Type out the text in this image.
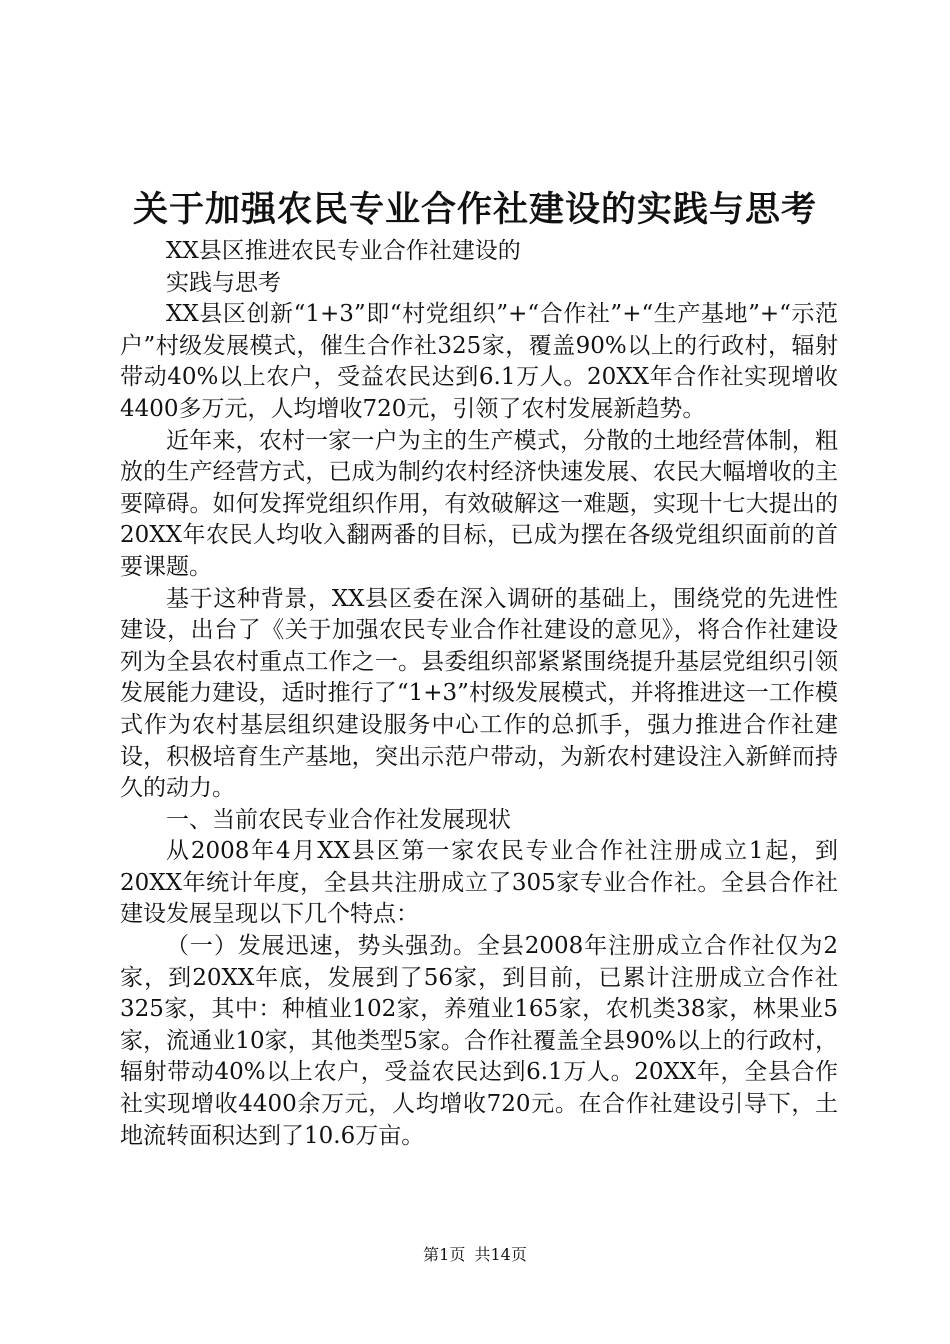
关于加强农民专业合作社建设的实践与思考

XX县区推进农民专业合作社建设的

实践与思考

XX县区创新“1+3”即“村党组织”+“合作社”+“生产基地”+“示范户”村级发展模式，催生合作社325家，覆盖90%以上的行政村，辐射带动40%以上农户，受益农民达到6.1万人。20XX年合作社实现增收4400多万元，人均增收720元，引领了农村发展新趋势。

近年来，农村一家一户为主的生产模式，分散的土地经营体制，粗放的生产经营方式，已成为制约农村经济快速发展、农民大幅增收的主要障碍。如何发挥党组织作用，有效破解这一难题，实现十七大提出的20XX年农民人均收入翻两番的目标，已成为摆在各级党组织面前的首要课题。

基于这种背景，XX县区委在深入调研的基础上，围绕党的先进性建设，出台了《关于加强农民专业合作社建设的意见》，将合作社建设列为全县农村重点工作之一。县委组织部紧紧围绕提升基层党组织引领发展能力建设，适时推行了“1+3”村级发展模式，并将推进这一工作模式作为农村基层组织建设服务中心工作的总抓手，强力推进合作社建设，积极培育生产基地，突出示范户带动，为新农村建设注入新鲜而持久的动力。

一、当前农民专业合作社发展现状

从2008年4月XX县区第一家农民专业合作社注册成立1起，到20XX年统计年度，全县共注册成立了305家专业合作社。全县合作社建设发展呈现以下几个特点：

（一）发展迅速，势头强劲。全县2008年注册成立合作社仅为2家，到20XX年底，发展到了56家，到目前，已累计注册成立合作社325家，其中：种植业102家，养殖业165家，农机类38家，林果业5家，流通业10家，其他类型5家。合作社覆盖全县90%以上的行政村，辐射带动40%以上农户，受益农民达到6.1万人。20XX年，全县合作社实现增收4400余万元，人均增收720元。在合作社建设引导下，土地流转面积达到了10.6万亩。

第1页 共14页
